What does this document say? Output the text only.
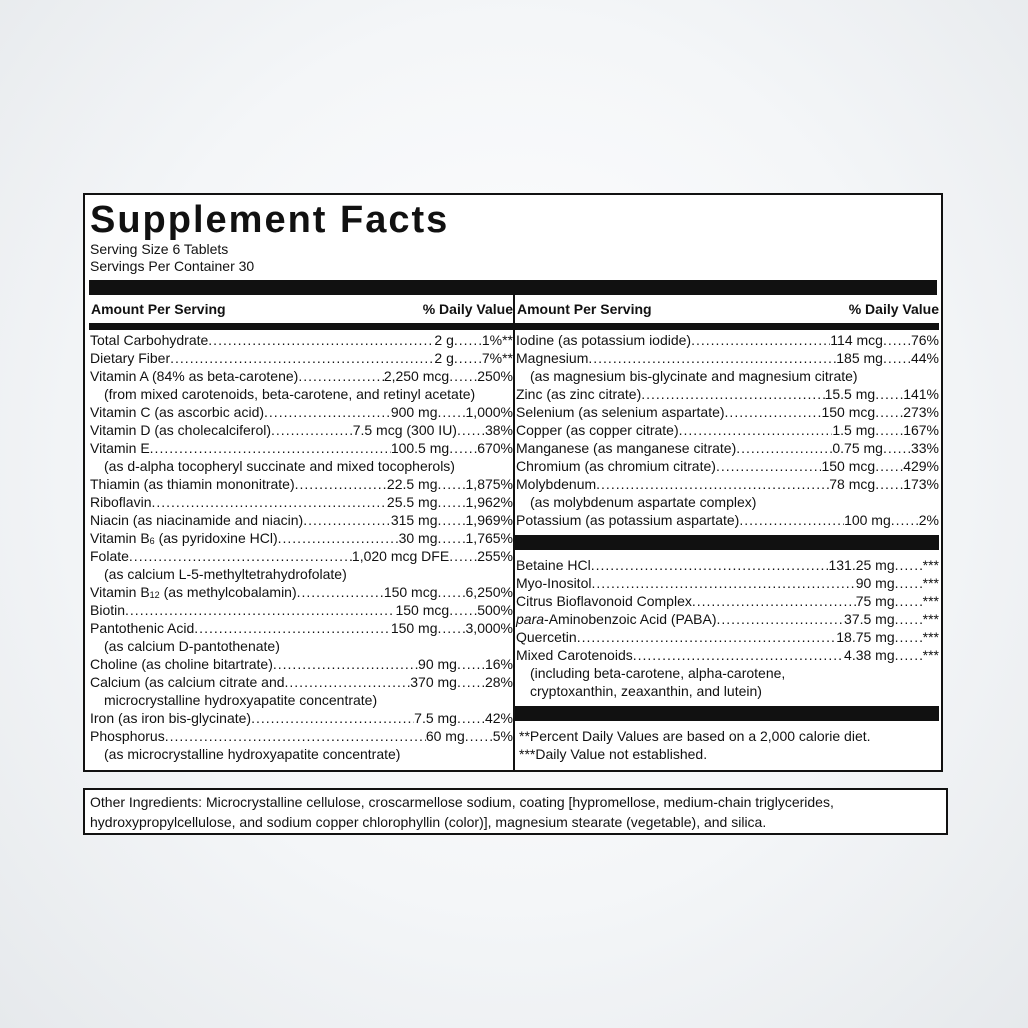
Supplement Facts
Serving Size 6 Tablets
Servings Per Container 30
Amount Per Serving	% Daily Value
Total Carbohydrate .....	2 g ..... 1%**
Dietary Fiber .....	2 g ..... 7%**
Vitamin A (84% as beta-carotene) .....	2,250 mcg ..... 250%
(from mixed carotenoids, beta-carotene, and retinyl acetate)
Vitamin C (as ascorbic acid) .....	900 mg ..... 1,000%
Vitamin D (as cholecalciferol) .....	7.5 mcg (300 IU) ..... 38%
Vitamin E .....	100.5 mg ..... 670%
(as d-alpha tocopheryl succinate and mixed tocopherols)
Thiamin (as thiamin mononitrate) .....	22.5 mg ..... 1,875%
Riboflavin .....	25.5 mg ..... 1,962%
Niacin (as niacinamide and niacin) .....	315 mg ..... 1,969%
Vitamin $B_6$ (as pyridoxine HCl) .....	30 mg ..... 1,765%
Folate .....	1,020 mcg DFE ..... 255%
(as calcium L-5-methyltetrahydrofolate)
Vitamin $B_{12}$ (as methylcobalamin) .....	150 mcg ..... 6,250%
Biotin .....	150 mcg ..... 500%
Pantothenic Acid .....	150 mg ..... 3,000%
(as calcium D-pantothenate)
Choline (as choline bitartrate) .....	90 mg ..... 16%
Calcium (as calcium citrate and .....	370 mg ..... 28%
microcrystalline hydroxyapatite concentrate)
Iron (as iron bis-glycinate) .....	7.5 mg ..... 42%
Phosphorus .....	60 mg ..... 5%
(as microcrystalline hydroxyapatite concentrate)
Amount Per Serving	% Daily Value
Iodine (as potassium iodide) .....	114 mcg ..... 76%
Magnesium .....	185 mg ..... 44%
(as magnesium bis-glycinate and magnesium citrate)
Zinc (as zinc citrate) .....	15.5 mg ..... 141%
Selenium (as selenium aspartate) .....	150 mcg ..... 273%
Copper (as copper citrate) .....	1.5 mg ..... 167%
Manganese (as manganese citrate) .....	0.75 mg ..... 33%
Chromium (as chromium citrate) .....	150 mcg ..... 429%
Molybdenum .....	78 mcg ..... 173%
(as molybdenum aspartate complex)
Potassium (as potassium aspartate) .....	100 mg ..... 2%
Betaine HCl .....	131.25 mg ..... ***
Myo-Inositol .....	90 mg ..... ***
Citrus Bioflavonoid Complex .....	75 mg ..... ***
para-Aminobenzoic Acid (PABA) .....	37.5 mg ..... ***
Quercetin .....	18.75 mg ..... ***
Mixed Carotenoids .....	4.38 mg ..... ***
(including beta-carotene, alpha-carotene,
cryptoxanthin, zeaxanthin, and lutein)
**Percent Daily Values are based on a 2,000 calorie diet.
***Daily Value not established.
Other Ingredients: Microcrystalline cellulose, croscarmellose sodium, coating [hypromellose, medium-chain triglycerides, hydroxypropylcellulose, and sodium copper chlorophyllin (color)], magnesium stearate (vegetable), and silica.
